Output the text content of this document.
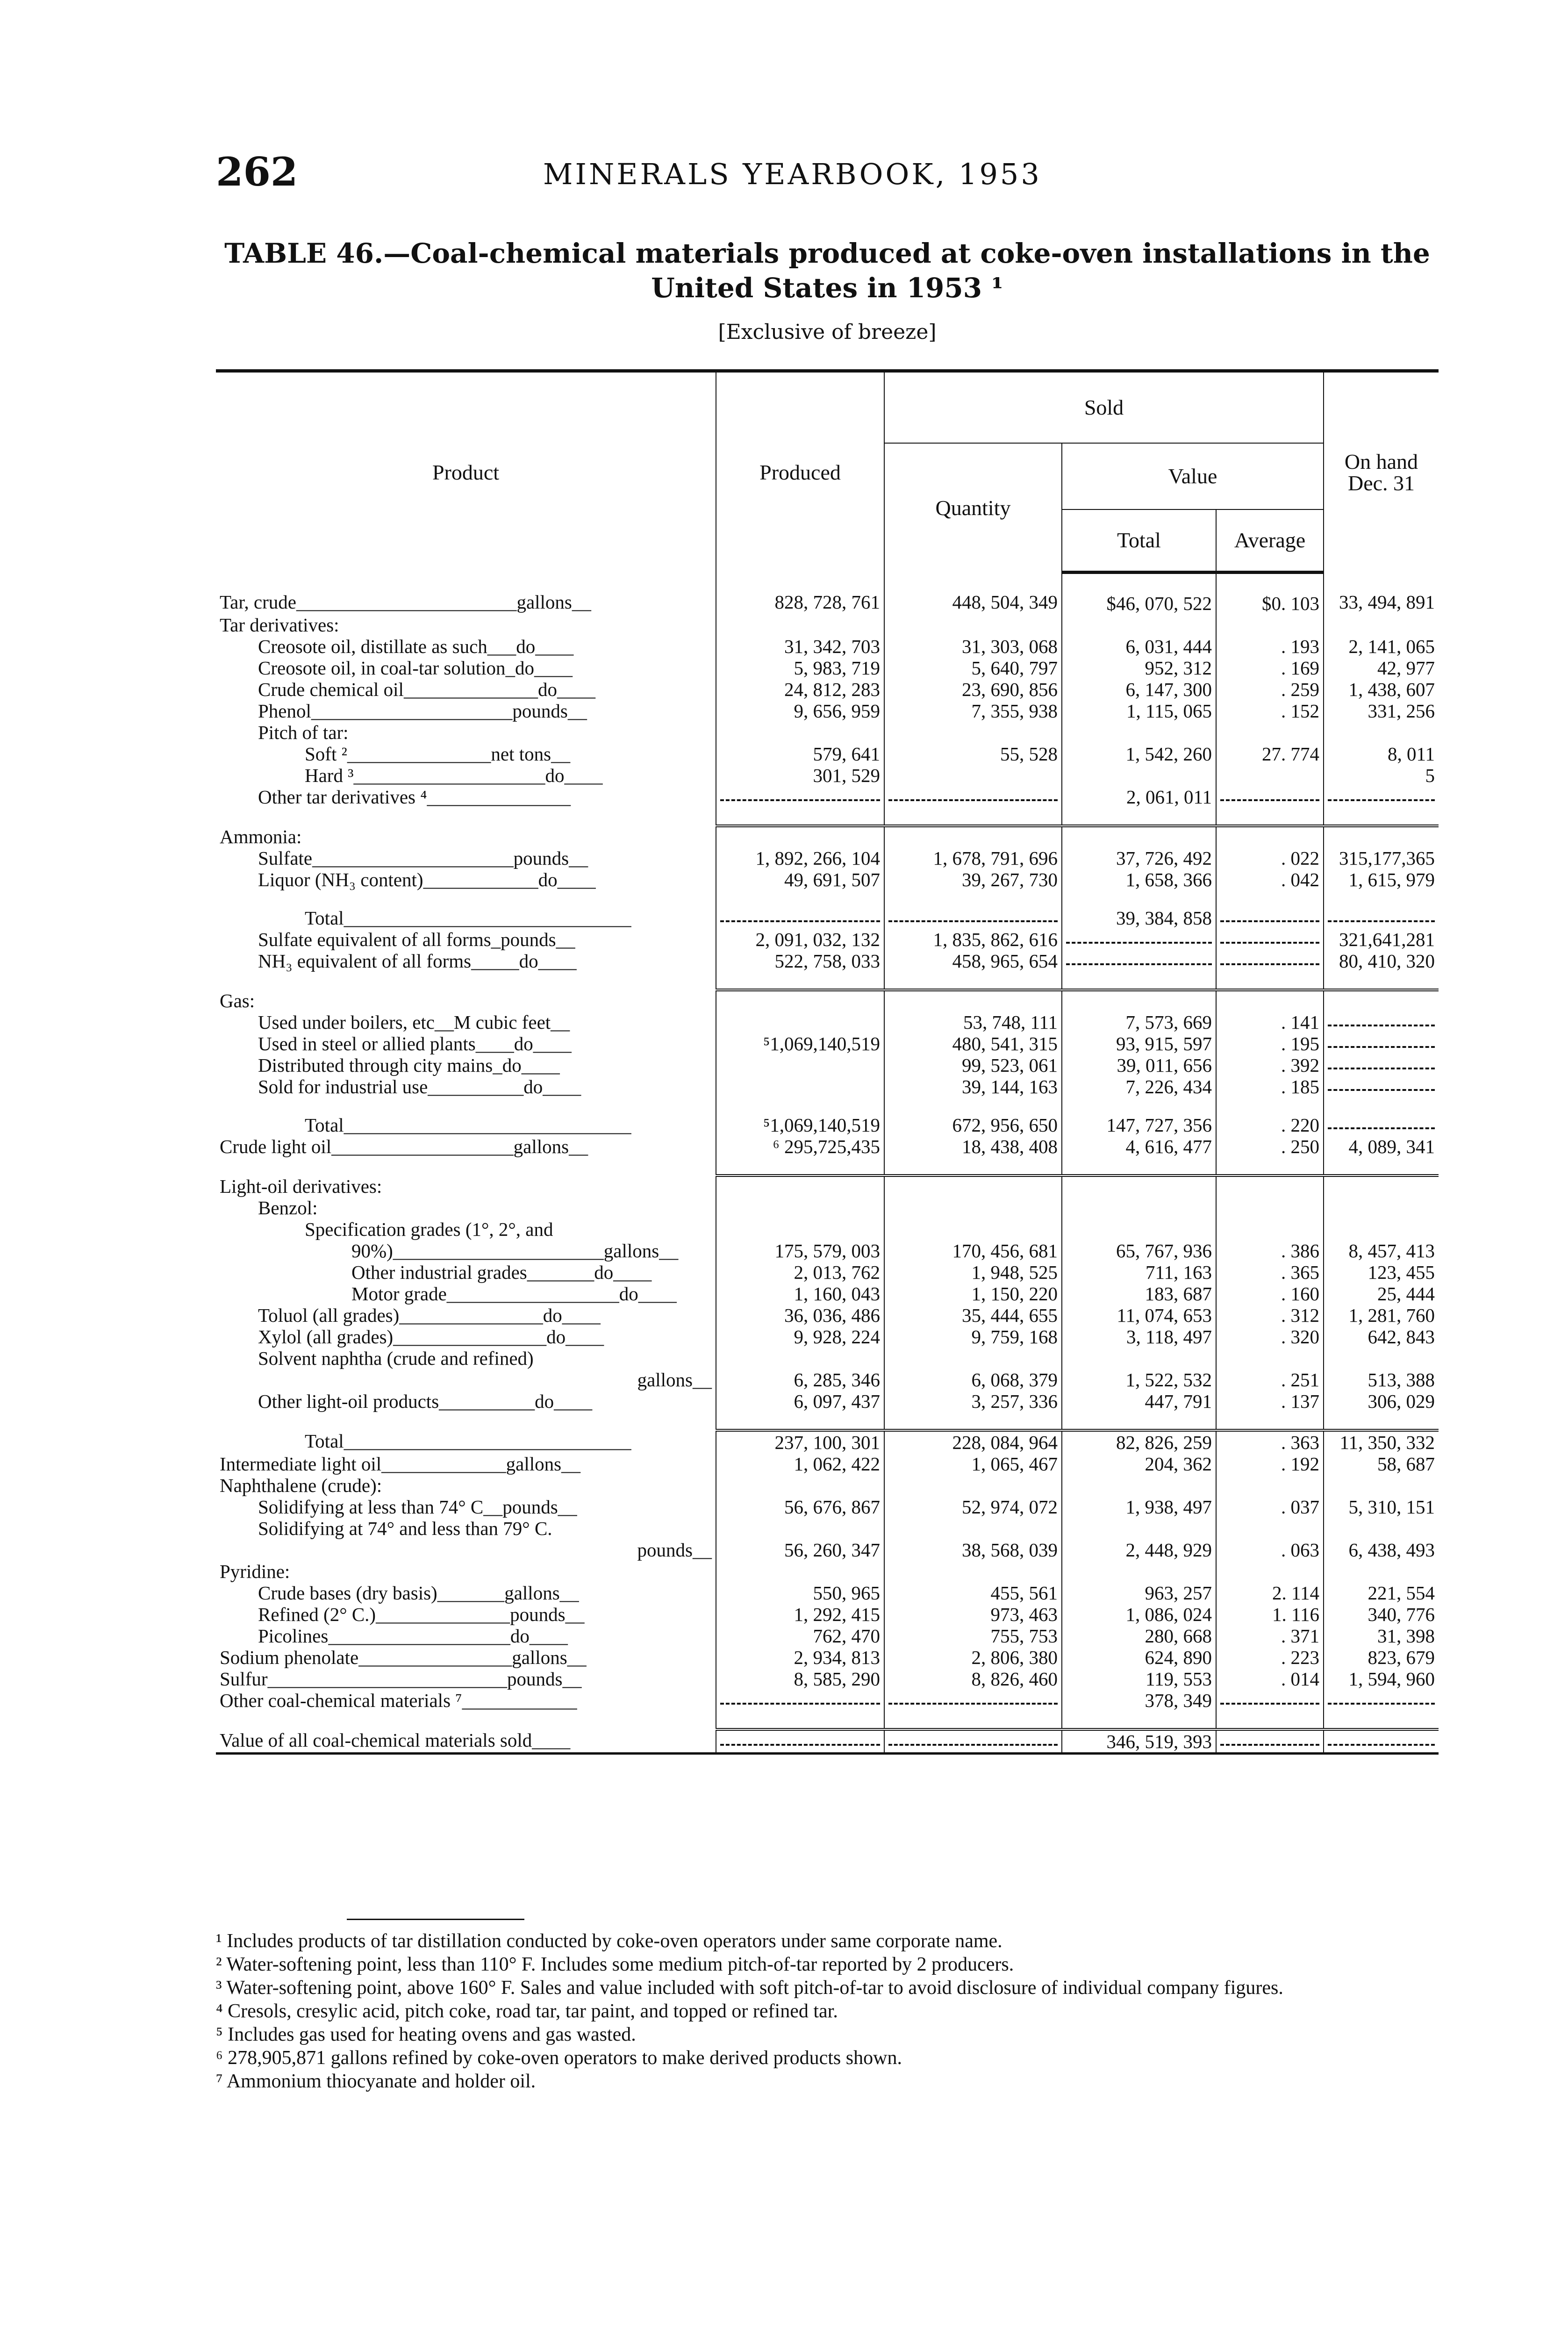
262	MINERALS YEARBOOK, 1953
TABLE 46.—Coal-chemical materials produced at coke-oven installations in the
United States in 1953 ¹
[Exclusive of breeze]
Product	Produced	Sold			On hand
Dec. 31

		Quantity	Value		
			Total	Average	
Tar, crude_______________________gallons__	828, 728, 761	448, 504, 349	$46, 070, 522	$0. 103	33, 494, 891
Tar derivatives:					
Creosote oil, distillate as such___do____	31, 342, 703	31, 303, 068	6, 031, 444	. 193	2, 141, 065
Creosote oil, in coal-tar solution_do____	5, 983, 719	5, 640, 797	952, 312	. 169	42, 977
Crude chemical oil______________do____	24, 812, 283	23, 690, 856	6, 147, 300	. 259	1, 438, 607
Phenol_____________________pounds__	9, 656, 959	7, 355, 938	1, 115, 065	. 152	331, 256
Pitch of tar:					
Soft ²_______________net tons__	579, 641	55, 528	1, 542, 260	27. 774	8, 011
Hard ³____________________do____	301, 529				5
Other tar derivatives ⁴_______________			2, 061, 011	

Ammonia:					
Sulfate_____________________pounds__	1, 892, 266, 104	1, 678, 791, 696	37, 726, 492	. 022	315,177,365
Liquor (NH₃ content)____________do____	49, 691, 507	39, 267, 730	1, 658, 366	. 042	1, 615, 979

Total______________________________			39, 384, 858	

Sulfate equivalent of all forms_pounds__	2, 091, 032, 132	1, 835, 862, 616			321,641,281
NH₃ equivalent of all forms_____do____	522, 758, 033	458, 965, 654			80, 410, 320

Gas:					
Used under boilers, etc__M cubic feet__		53, 748, 111	7, 573, 669	. 141	

Used in steel or allied plants____do____	⁵1,069,140,519	480, 541, 315	93, 915, 597	. 195	

Distributed through city mains_do____		99, 523, 061	39, 011, 656	. 392	

Sold for industrial use__________do____		39, 144, 163	7, 226, 434	. 185	

Total______________________________	⁵1,069,140,519	672, 956, 650	147, 727, 356	. 220	

Crude light oil___________________gallons__	⁶ 295,725,435	18, 438, 408	4, 616, 477	. 250	4, 089, 341

Light-oil derivatives:					
Benzol:					
Specification grades (1°, 2°, and					
90%)______________________gallons__	175, 579, 003	170, 456, 681	65, 767, 936	. 386	8, 457, 413
Other industrial grades_______do____	2, 013, 762	1, 948, 525	711, 163	. 365	123, 455
Motor grade__________________do____	1, 160, 043	1, 150, 220	183, 687	. 160	25, 444
Toluol (all grades)_______________do____	36, 036, 486	35, 444, 655	11, 074, 653	. 312	1, 281, 760
Xylol (all grades)________________do____	9, 928, 224	9, 759, 168	3, 118, 497	. 320	642, 843
Solvent naphtha (crude and refined)					
gallons__	6, 285, 346	6, 068, 379	1, 522, 532	. 251	513, 388
Other light-oil products__________do____	6, 097, 437	3, 257, 336	447, 791	. 137	306, 029

Total______________________________	237, 100, 301	228, 084, 964	82, 826, 259	. 363	11, 350, 332
Intermediate light oil_____________gallons__	1, 062, 422	1, 065, 467	204, 362	. 192	58, 687
Naphthalene (crude):					
Solidifying at less than 74° C__pounds__	56, 676, 867	52, 974, 072	1, 938, 497	. 037	5, 310, 151
Solidifying at 74° and less than 79° C.					
pounds__	56, 260, 347	38, 568, 039	2, 448, 929	. 063	6, 438, 493
Pyridine:					
Crude bases (dry basis)_______gallons__	550, 965	455, 561	963, 257	2. 114	221, 554
Refined (2° C.)______________pounds__	1, 292, 415	973, 463	1, 086, 024	1. 116	340, 776
Picolines___________________do____	762, 470	755, 753	280, 668	. 371	31, 398
Sodium phenolate________________gallons__	2, 934, 813	2, 806, 380	624, 890	. 223	823, 679
Sulfur_________________________pounds__	8, 585, 290	8, 826, 460	119, 553	. 014	1, 594, 960
Other coal-chemical materials ⁷____________			378, 349	

Value of all coal-chemical materials sold____			346, 519, 393	

¹ Includes products of tar distillation conducted by coke-oven operators under same corporate name.
² Water-softening point, less than 110° F. Includes some medium pitch-of-tar reported by 2 producers.
³ Water-softening point, above 160° F. Sales and value included with soft pitch-of-tar to avoid disclosure of individual company figures.
⁴ Cresols, cresylic acid, pitch coke, road tar, tar paint, and topped or refined tar.
⁵ Includes gas used for heating ovens and gas wasted.
⁶ 278,905,871 gallons refined by coke-oven operators to make derived products shown.
⁷ Ammonium thiocyanate and holder oil.
